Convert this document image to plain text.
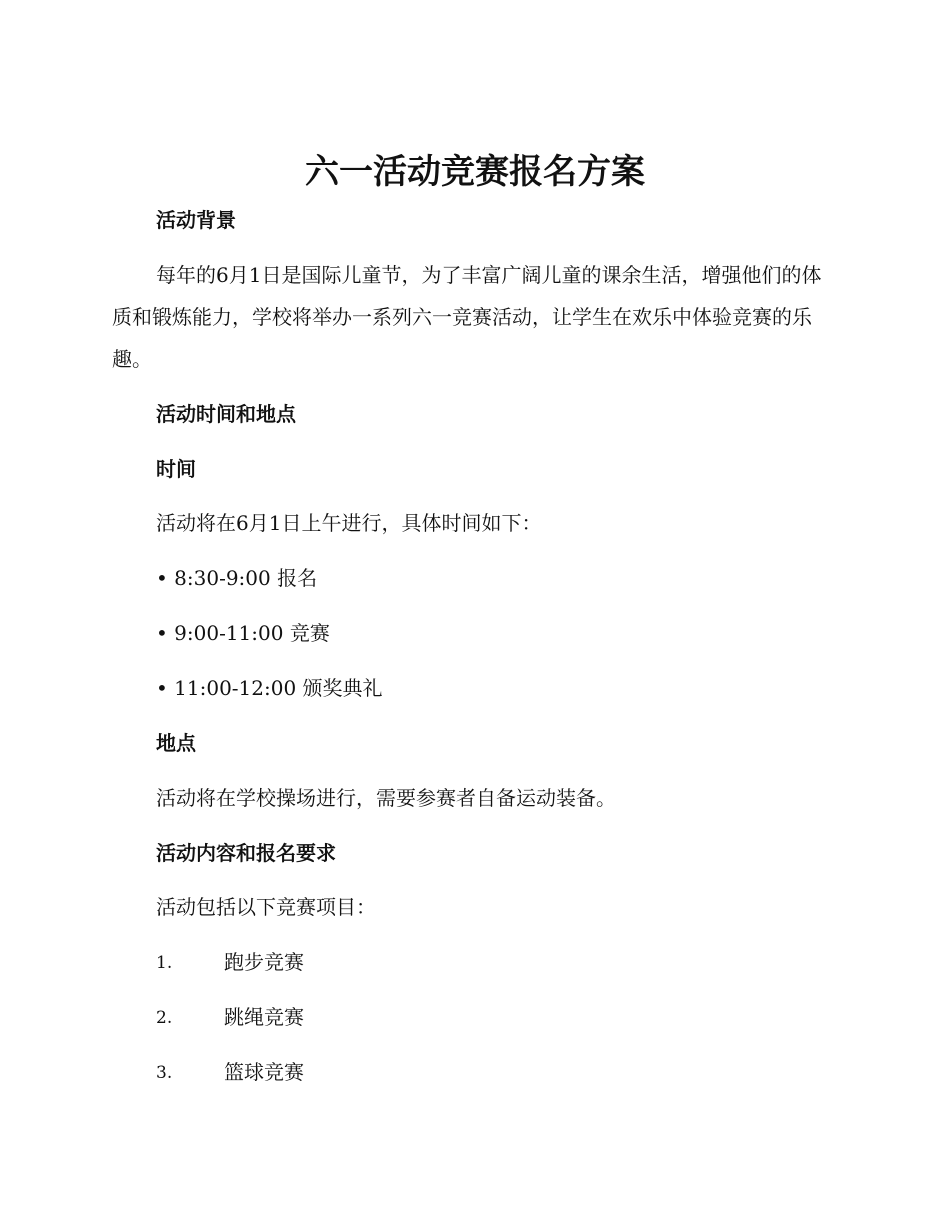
六一活动竞赛报名方案
活动背景

每年的6月1日是国际儿童节，为了丰富广阔儿童的课余生活，增强他们的体质和锻炼能力，学校将举办一系列六一竞赛活动，让学生在欢乐中体验竞赛的乐趣。

活动时间和地点
时间

活动将在6月1日上午进行，具体时间如下：

• 8:30-9:00 报名
• 9:00-11:00 竞赛
• 11:00-12:00 颁奖典礼
地点

活动将在学校操场进行，需要参赛者自备运动装备。

活动内容和报名要求

活动包括以下竞赛项目：

1.	跑步竞赛
2.	跳绳竞赛
3.	篮球竞赛
